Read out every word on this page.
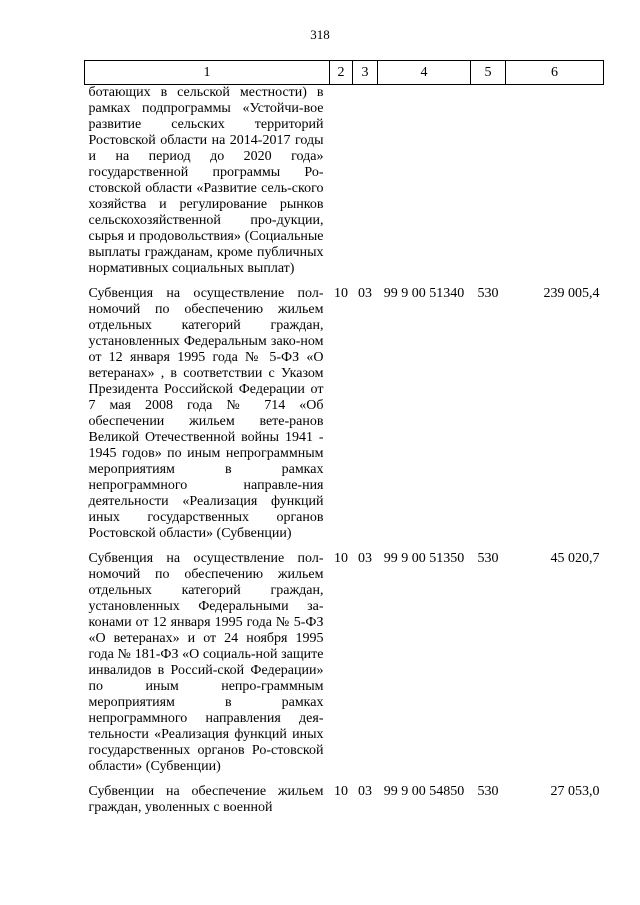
318
1	2	3	4	5	6
ботающих в сельской местности) в рамках подпрограммы «Устойчи-вое развитие сельских территорий Ростовской области на 2014-2017 годы и на период до 2020 года» государственной программы Ро-стовской области «Развитие сель-ского хозяйства и регулирование рынков сельскохозяйственной про-дукции, сырья и продовольствия» (Социальные выплаты гражданам, кроме публичных нормативных социальных выплат)					

Субвенция на осуществление пол-номочий по обеспечению жильем отдельных категорий граждан, установленных Федеральным зако-ном от 12 января 1995 года № 5-ФЗ «О ветеранах» , в соответствии с Указом Президента Российской Федерации от 7 мая 2008 года № 714 «Об обеспечении жильем вете-ранов Великой Отечественной войны 1941 - 1945 годов» по иным непрограммным мероприятиям в рамках непрограммного направле-ния деятельности «Реализация функций иных государственных органов Ростовской области» (Субвенции)	10	03	99 9 00 51340	530	239 005,4

Субвенция на осуществление пол-номочий по обеспечению жильем отдельных категорий граждан, установленных Федеральными за-конами от 12 января 1995 года № 5-ФЗ «О ветеранах» и от 24 ноября 1995 года № 181-ФЗ «О социаль-ной защите инвалидов в Россий-ской Федерации» по иным непро-граммным мероприятиям в рамках непрограммного направления дея-тельности «Реализация функций иных государственных органов Ро-стовской области» (Субвенции)	10	03	99 9 00 51350	530	45 020,7

Субвенции на обеспечение жильем граждан, уволенных с военной	10	03	99 9 00 54850	530	27 053,0
